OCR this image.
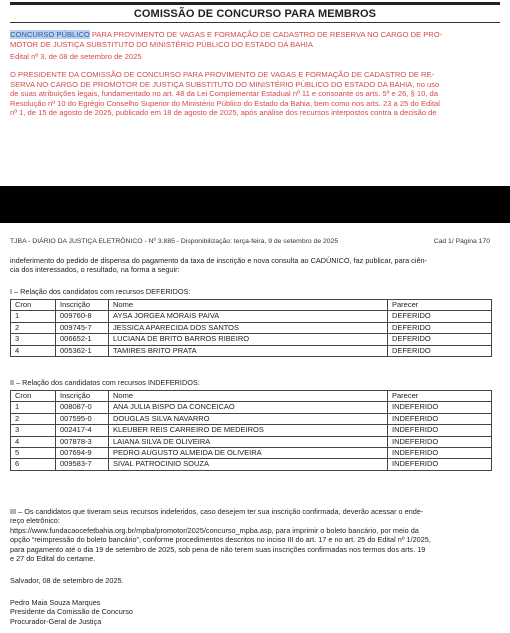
COMISSÃO DE CONCURSO PARA MEMBROS
CONCURSO PÚBLICO PARA PROVIMENTO DE VAGAS E FORMAÇÃO DE CADASTRO DE RESERVA NO CARGO DE PRO-
MOTOR DE JUSTIÇA SUBSTITUTO DO MINISTÉRIO PÚBLICO DO ESTADO DA BAHIA
Edital nº 3, de 08 de setembro de 2025
O PRESIDENTE DA COMISSÃO DE CONCURSO PARA PROVIMENTO DE VAGAS E FORMAÇÃO DE CADASTRO DE RE-
SERVA NO CARGO DE PROMOTOR DE JUSTIÇA SUBSTITUTO DO MINISTÉRIO PÚBLICO DO ESTADO DA BAHIA, no uso
de suas atribuições legais, fundamentado no art. 48 da Lei Complementar Estadual nº 11 e consoante os arts. 5º e 26, § 10, da
Resolução nº 10 do Egrégio Conselho Superior do Ministério Público do Estado da Bahia, bem como nos arts. 23 a 25 do Edital
nº 1, de 15 de agosto de 2025, publicado em 18 de agosto de 2025, após análise dos recursos interpostos contra a decisão de
TJBA - DIÁRIO DA JUSTIÇA ELETRÔNICO - Nº 3.885 - Disponibilização: terça-feira, 9 de setembro de 2025	Cad 1/ Página 170
indeferimento do pedido de dispensa do pagamento da taxa de inscrição e nova consulta ao CADÚNICO, faz publicar, para ciên-
cia dos interessados, o resultado, na forma a seguir:
I – Relação dos candidatos com recursos DEFERIDOS:
Cron	Inscrição	Nome	Parecer
1	009760-8	AYSA JORGEA MORAIS PAIVA	DEFERIDO
2	009745-7	JESSICA APARECIDA DOS SANTOS	DEFERIDO
3	006652-1	LUCIANA DE BRITO BARROS RIBEIRO	DEFERIDO
4	005362-1	TAMIRES BRITO PRATA	DEFERIDO
II – Relação dos candidatos com recursos INDEFERIDOS:
Cron	Inscrição	Nome	Parecer
1	008087-0	ANA JULIA BISPO DA CONCEICAO	INDEFERIDO
2	007595-0	DOUGLAS SILVA NAVARRO	INDEFERIDO
3	002417-4	KLEUBER REIS CARREIRO DE MEDEIROS	INDEFERIDO
4	007878-3	LAIANA SILVA DE OLIVEIRA	INDEFERIDO
5	007694-9	PEDRO AUGUSTO ALMEIDA DE OLIVEIRA	INDEFERIDO
6	009583-7	SIVAL PATROCINIO SOUZA	INDEFERIDO
III – Os candidatos que tiveram seus recursos indeferidos, caso desejem ter sua inscrição confirmada, deverão acessar o ende-
reço eletrônico:
https://www.fundacaocefetbahia.org.br/mpba/promotor/2025/concurso_mpba.asp, para imprimir o boleto bancário, por meio da
opção “reimpressão do boleto bancário”, conforme procedimentos descritos no inciso III do art. 17 e no art. 25 do Edital nº 1/2025,
para pagamento até o dia 19 de setembro de 2025, sob pena de não terem suas inscrições confirmadas nos termos dos arts. 19
e 27 do Edital do certame.
Salvador, 08 de setembro de 2025.
Pedro Maia Souza Marques
Presidente da Comissão de Concurso
Procurador-Geral de Justiça
